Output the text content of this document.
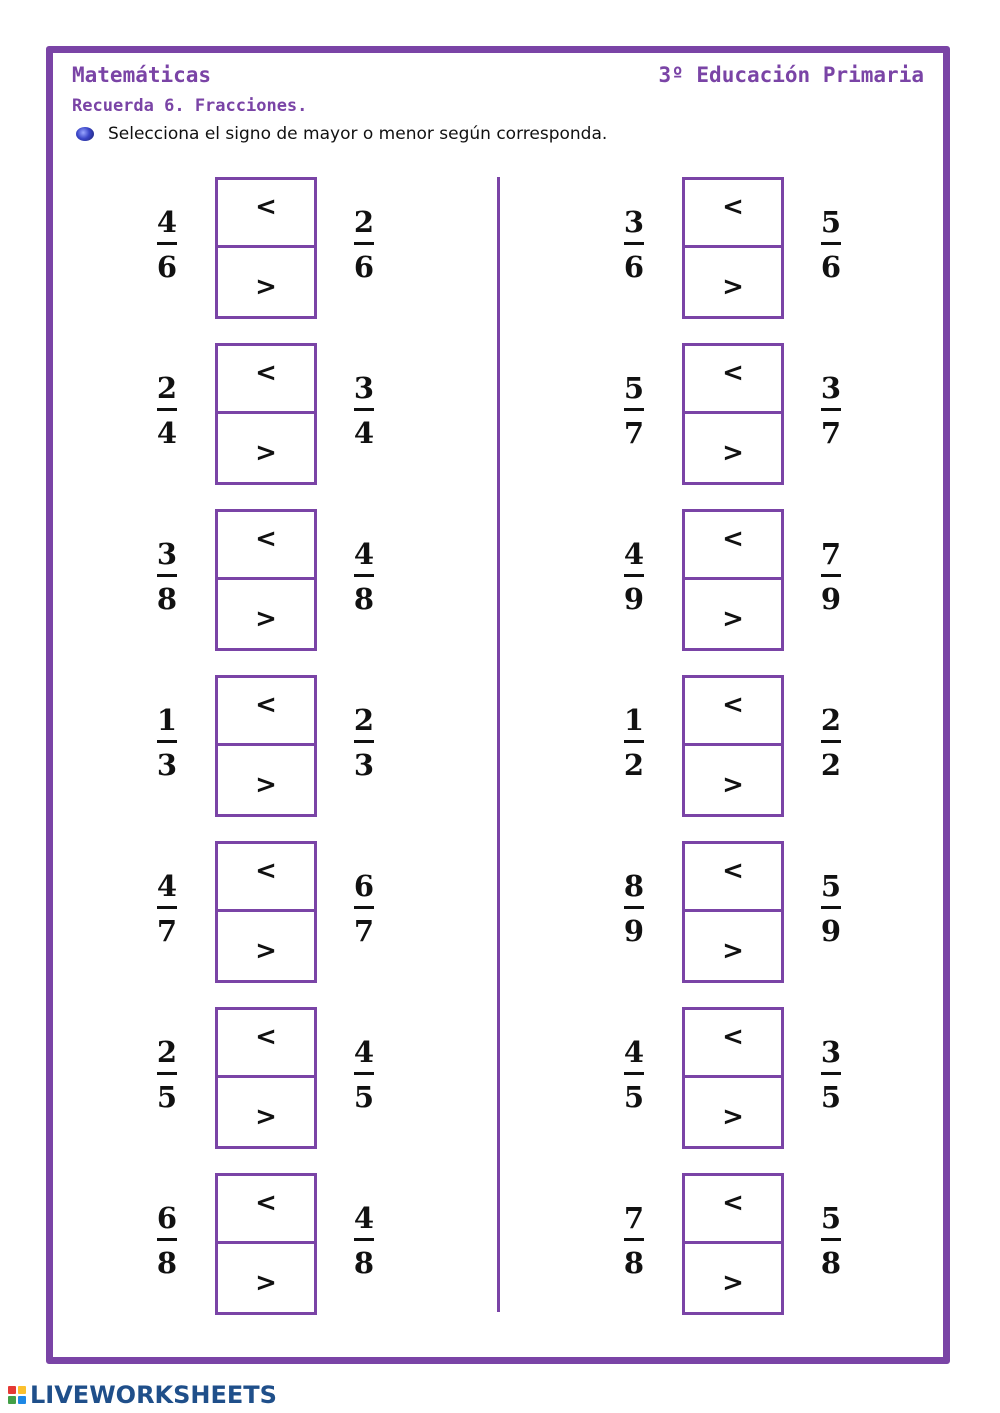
Matemáticas	3º Educación Primaria
Recuerda 6. Fracciones.
Selecciona el signo de mayor o menor según corresponda.
4
6
<
>
2
6
2
4
<
>
3
4
3
8
<
>
4
8
1
3
<
>
2
3
4
7
<
>
6
7
2
5
<
>
4
5
6
8
<
>
4
8
3
6
<
>
5
6
5
7
<
>
3
7
4
9
<
>
7
9
1
2
<
>
2
2
8
9
<
>
5
9
4
5
<
>
3
5
7
8
<
>
5
8
LIVEWORKSHEETS
